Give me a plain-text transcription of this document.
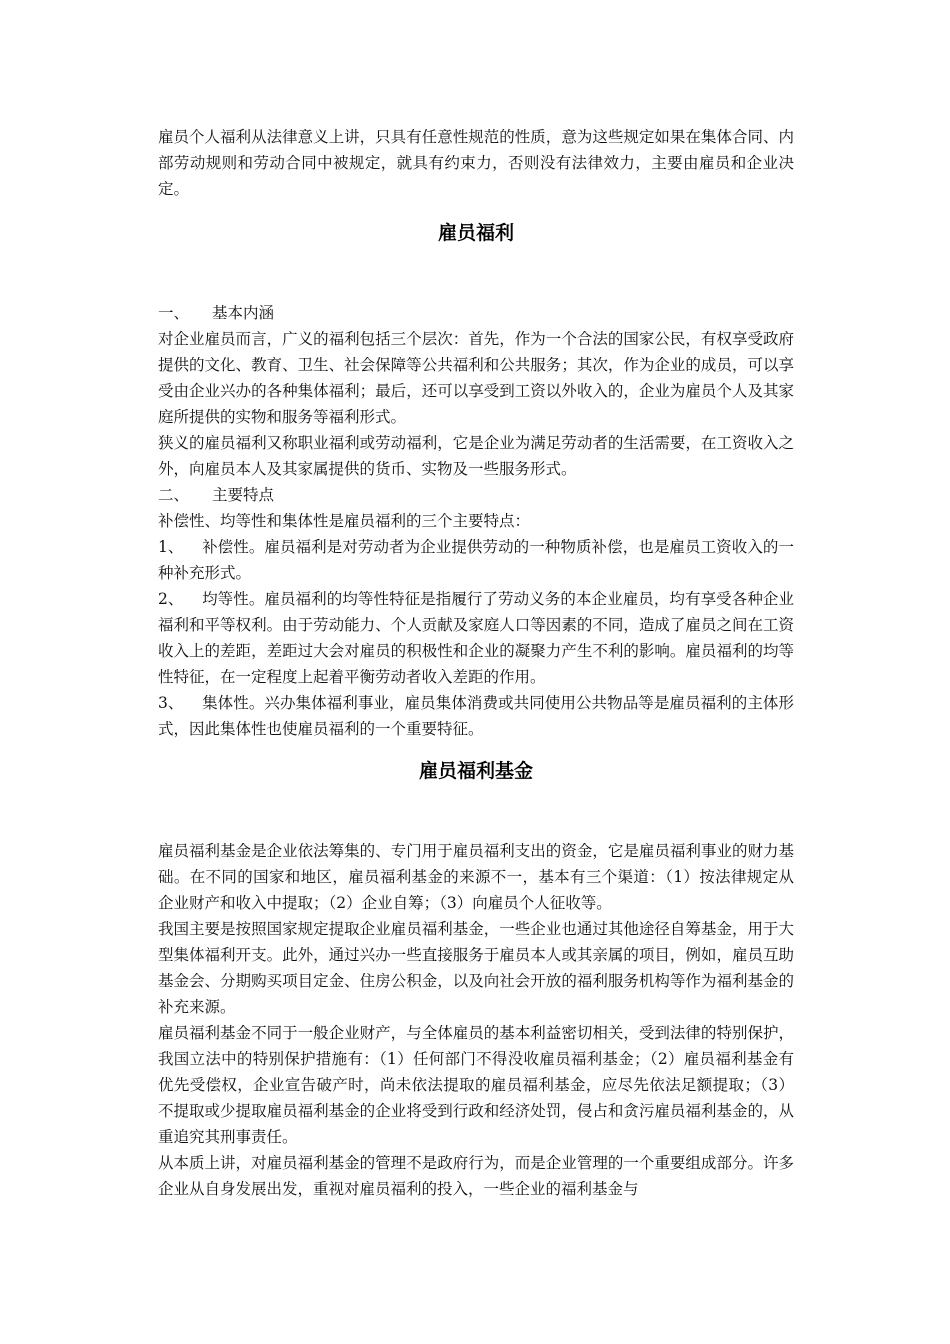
雇员个人福利从法律意义上讲，只具有任意性规范的性质，意为这些规定如果在集体合同、内部劳动规则和劳动合同中被规定，就具有约束力，否则没有法律效力，主要由雇员和企业决定。

雇员福利
一、	基本内涵

对企业雇员而言，广义的福利包括三个层次：首先，作为一个合法的国家公民，有权享受政府提供的文化、教育、卫生、社会保障等公共福利和公共服务；其次，作为企业的成员，可以享受由企业兴办的各种集体福利；最后，还可以享受到工资以外收入的，企业为雇员个人及其家庭所提供的实物和服务等福利形式。

狭义的雇员福利又称职业福利或劳动福利，它是企业为满足劳动者的生活需要，在工资收入之外，向雇员本人及其家属提供的货币、实物及一些服务形式。

二、	主要特点

补偿性、均等性和集体性是雇员福利的三个主要特点：

1、 补偿性。雇员福利是对劳动者为企业提供劳动的一种物质补偿，也是雇员工资收入的一种补充形式。

2、 均等性。雇员福利的均等性特征是指履行了劳动义务的本企业雇员，均有享受各种企业福利和平等权利。由于劳动能力、个人贡献及家庭人口等因素的不同，造成了雇员之间在工资收入上的差距，差距过大会对雇员的积极性和企业的凝聚力产生不利的影响。雇员福利的均等性特征，在一定程度上起着平衡劳动者收入差距的作用。

3、 集体性。兴办集体福利事业，雇员集体消费或共同使用公共物品等是雇员福利的主体形式，因此集体性也使雇员福利的一个重要特征。

雇员福利基金

雇员福利基金是企业依法筹集的、专门用于雇员福利支出的资金，它是雇员福利事业的财力基础。在不同的国家和地区，雇员福利基金的来源不一，基本有三个渠道：（1）按法律规定从企业财产和收入中提取；（2）企业自筹；（3）向雇员个人征收等。

我国主要是按照国家规定提取企业雇员福利基金，一些企业也通过其他途径自筹基金，用于大型集体福利开支。此外，通过兴办一些直接服务于雇员本人或其亲属的项目，例如，雇员互助基金会、分期购买项目定金、住房公积金，以及向社会开放的福利服务机构等作为福利基金的补充来源。

雇员福利基金不同于一般企业财产，与全体雇员的基本利益密切相关，受到法律的特别保护，我国立法中的特别保护措施有：（1）任何部门不得没收雇员福利基金；（2）雇员福利基金有优先受偿权，企业宣告破产时，尚未依法提取的雇员福利基金，应尽先依法足额提取；（3）不提取或少提取雇员福利基金的企业将受到行政和经济处罚，侵占和贪污雇员福利基金的，从重追究其刑事责任。

从本质上讲，对雇员福利基金的管理不是政府行为，而是企业管理的一个重要组成部分。许多企业从自身发展出发，重视对雇员福利的投入，一些企业的福利基金与
